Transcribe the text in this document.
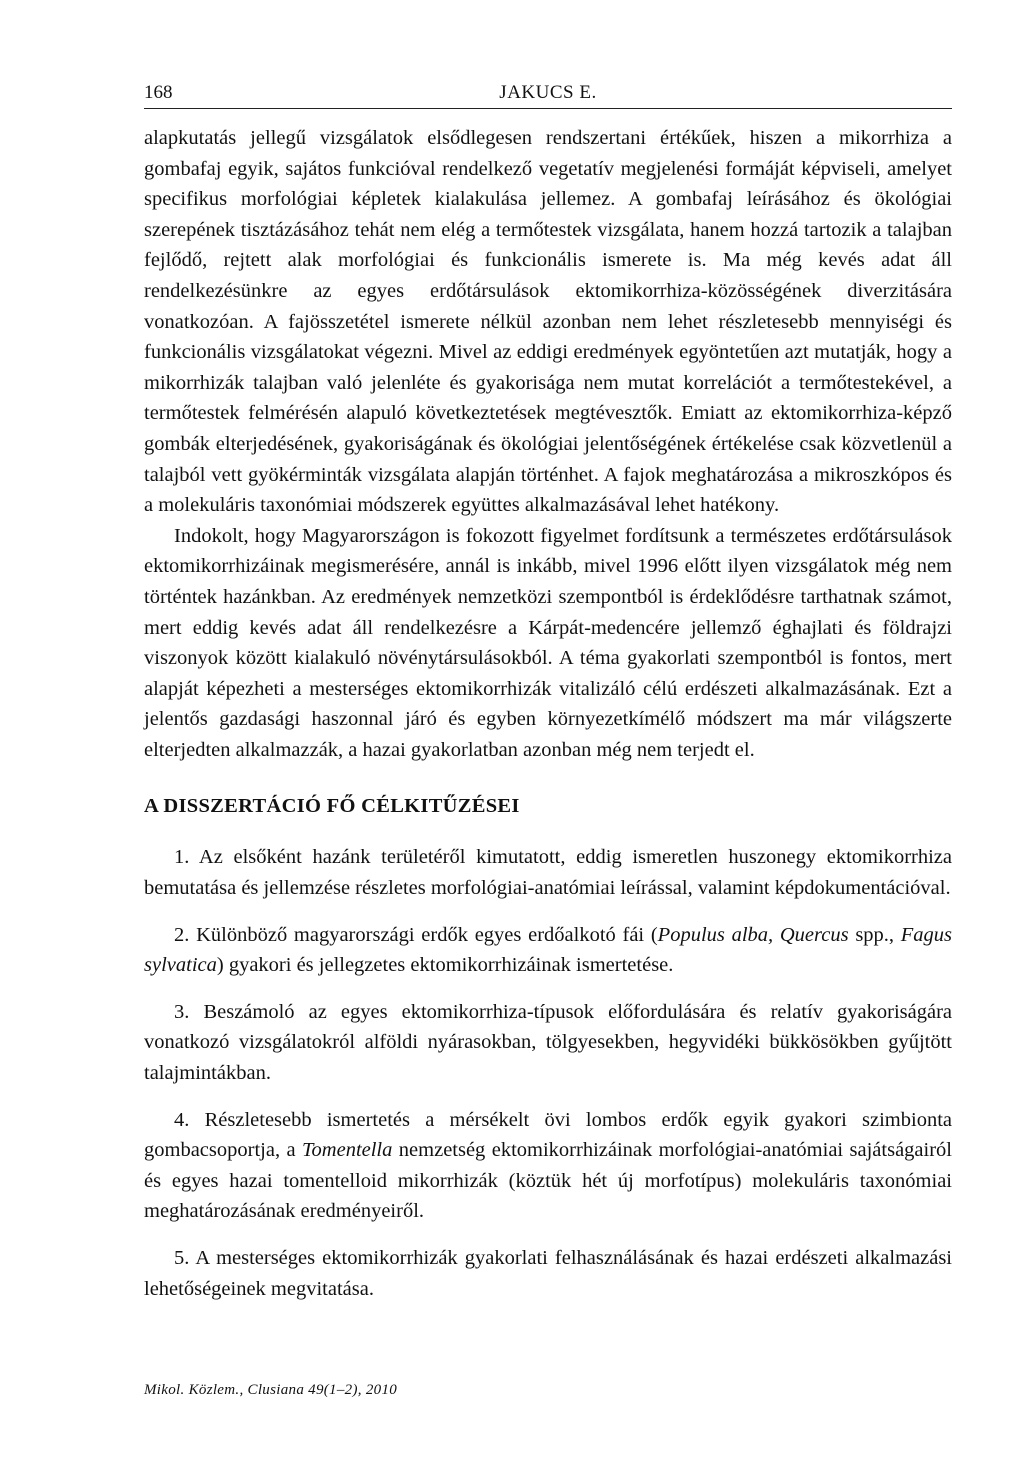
168	JAKUCS E.

alapkutatás jellegű vizsgálatok elsődlegesen rendszertani értékűek, hiszen a mikorrhiza a gombafaj egyik, sajátos funkcióval rendelkező vegetatív megjelenési formáját képviseli, amelyet specifikus morfológiai képletek kialakulása jellemez. A gombafaj leírásához és ökológiai szerepének tisztázásához tehát nem elég a termőtestek vizsgálata, hanem hozzá tartozik a talajban fejlődő, rejtett alak morfológiai és funkcionális ismerete is. Ma még kevés adat áll rendelkezésünkre az egyes erdőtársulások ektomikorrhiza-közösségének diverzitására vonatkozóan. A fajösszetétel ismerete nélkül azonban nem lehet részletesebb mennyiségi és funkcionális vizsgálatokat végezni. Mivel az eddigi eredmények egyöntetűen azt mutatják, hogy a mikorrhizák talajban való jelenléte és gyakorisága nem mutat korrelációt a termőtestekével, a termőtestek felmérésén alapuló következtetések megtévesztők. Emiatt az ektomikorrhiza-képző gombák elterjedésének, gyakoriságának és ökológiai jelentőségének értékelése csak közvetlenül a talajból vett gyökérminták vizsgálata alapján történhet. A fajok meghatározása a mikroszkópos és a molekuláris taxonómiai módszerek együttes alkalmazásával lehet hatékony.

Indokolt, hogy Magyarországon is fokozott figyelmet fordítsunk a természetes erdőtársulások ektomikorrhizáinak megismerésére, annál is inkább, mivel 1996 előtt ilyen vizsgálatok még nem történtek hazánkban. Az eredmények nemzetközi szempontból is érdeklődésre tarthatnak számot, mert eddig kevés adat áll rendelkezésre a Kárpát-medencére jellemző éghajlati és földrajzi viszonyok között kialakuló növénytársulásokból. A téma gyakorlati szempontból is fontos, mert alapját képezheti a mesterséges ektomikorrhizák vitalizáló célú erdészeti alkalmazásának. Ezt a jelentős gazdasági haszonnal járó és egyben környezetkímélő módszert ma már világszerte elterjedten alkalmazzák, a hazai gyakorlatban azonban még nem terjedt el.

A DISSZERTÁCIÓ FŐ CÉLKITŰZÉSEI

1. Az elsőként hazánk területéről kimutatott, eddig ismeretlen huszonegy ektomikorrhiza bemutatása és jellemzése részletes morfológiai-anatómiai leírással, valamint képdokumentációval.

2. Különböző magyarországi erdők egyes erdőalkotó fái (Populus alba, Quercus spp., Fagus sylvatica) gyakori és jellegzetes ektomikorrhizáinak ismertetése.

3. Beszámoló az egyes ektomikorrhiza-típusok előfordulására és relatív gyakoriságára vonatkozó vizsgálatokról alföldi nyárasokban, tölgyesekben, hegyvidéki bükkösökben gyűjtött talajmintákban.

4. Részletesebb ismertetés a mérsékelt övi lombos erdők egyik gyakori szimbionta gombacsoportja, a Tomentella nemzetség ektomikorrhizáinak morfológiai-anatómiai sajátságairól és egyes hazai tomentelloid mikorrhizák (köztük hét új morfotípus) molekuláris taxonómiai meghatározásának eredményeiről.

5. A mesterséges ektomikorrhizák gyakorlati felhasználásának és hazai erdészeti alkalmazási lehetőségeinek megvitatása.

Mikol. Közlem., Clusiana 49(1–2), 2010
